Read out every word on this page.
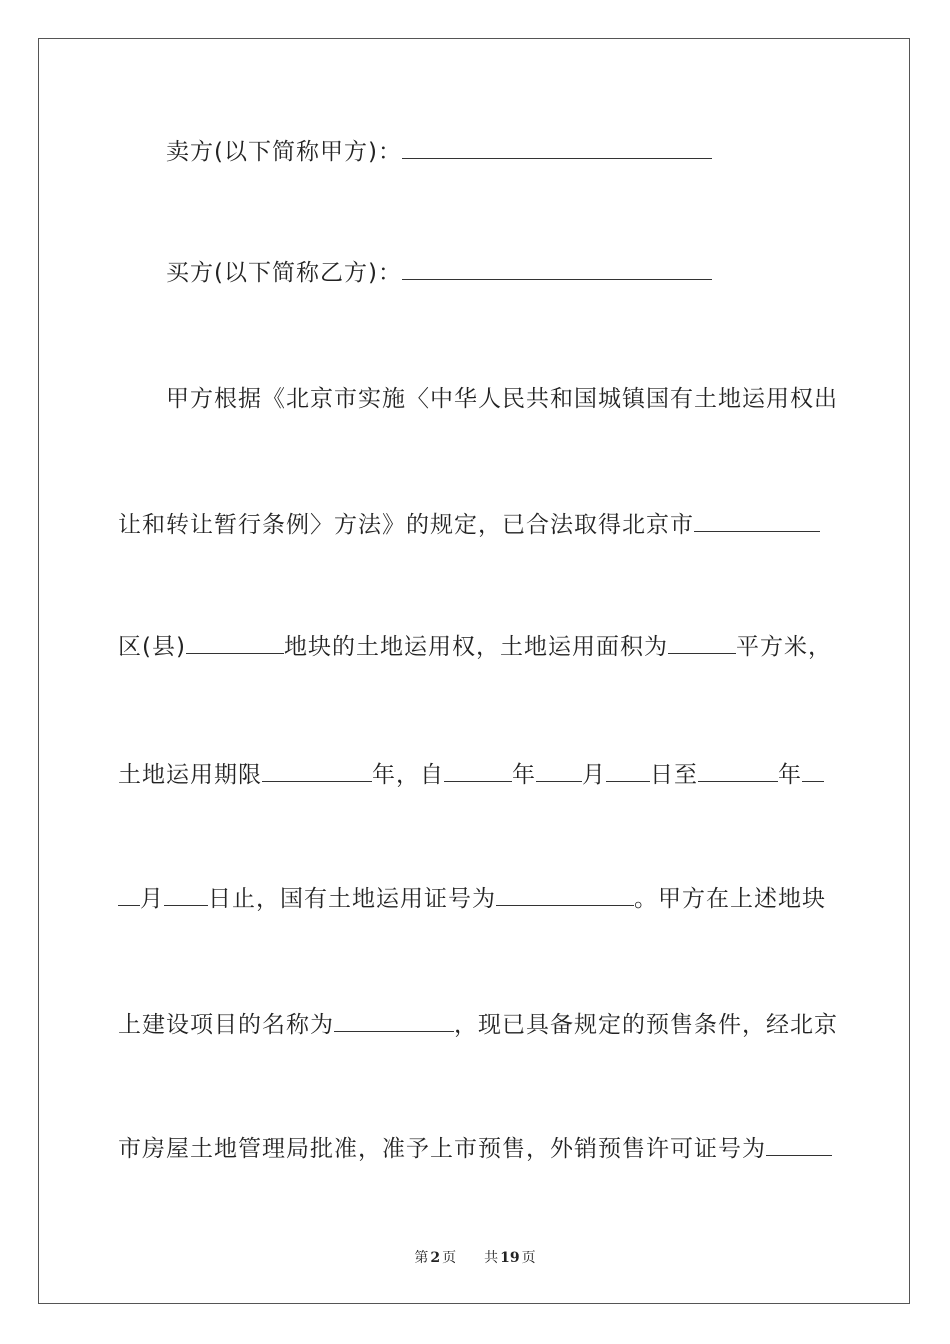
卖方(以下简称甲方)：
买方(以下简称乙方)：
甲方根据《北京市实施〈中华人民共和国城镇国有土地运用权出
让和转让暂行条例〉方法》的规定，已合法取得北京市
区(县)	地块的土地运用权，土地运用面积为	平方米，
土地运用期限	年，自	年 月 日至	年
月 日止，国有土地运用证号为	。甲方在上述地块
上建设项目的名称为	，现已具备规定的预售条件，经北京
市房屋土地管理局批准，准予上市预售，外销预售许可证号为
第 2 页 共 19 页
